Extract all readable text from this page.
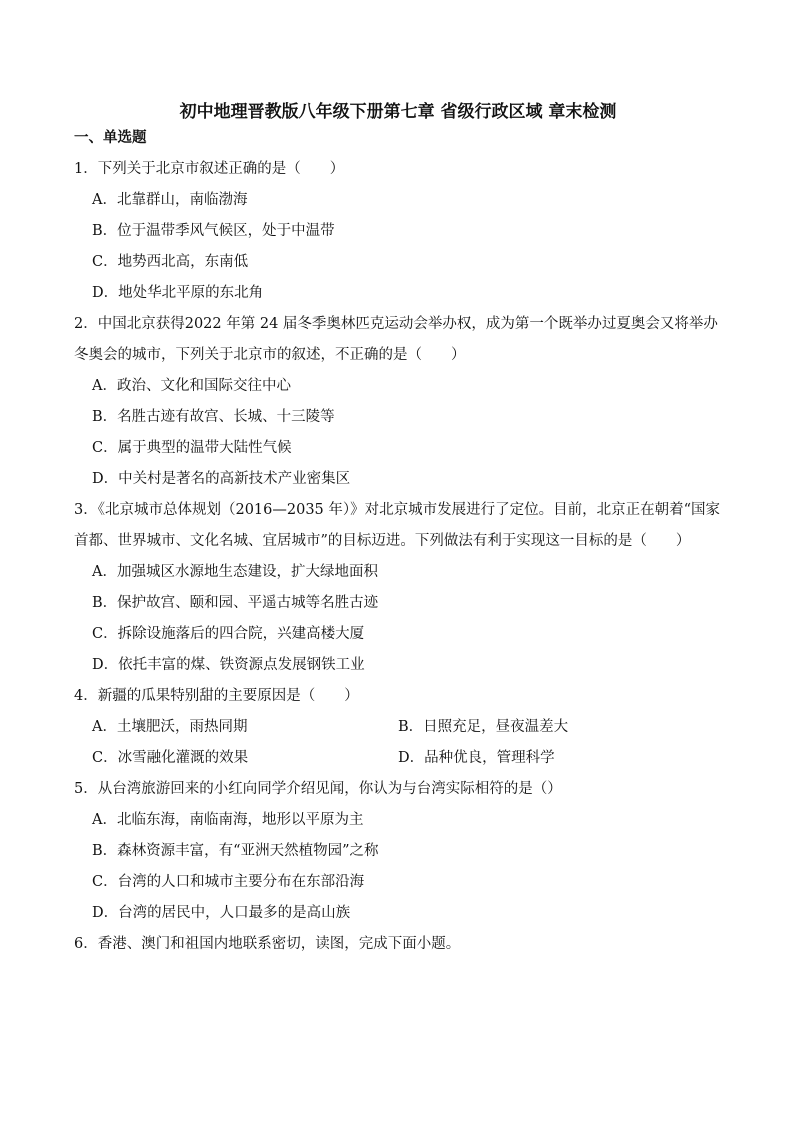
初中地理晋教版八年级下册第七章 省级行政区域 章末检测
一、单选题

1．下列关于北京市叙述正确的是（　　）

A．北靠群山，南临渤海

B．位于温带季风气候区，处于中温带

C．地势西北高，东南低

D．地处华北平原的东北角

2．中国北京获得2022 年第 24 届冬季奥林匹克运动会举办权，成为第一个既举办过夏奥会又将举办

冬奥会的城市，下列关于北京市的叙述，不正确的是（　　）

A．政治、文化和国际交往中心

B．名胜古迹有故宫、长城、十三陵等

C．属于典型的温带大陆性气候

D．中关村是著名的高新技术产业密集区

3．《北京城市总体规划（2016—2035 年）》对北京城市发展进行了定位。目前，北京正在朝着“国家

首都、世界城市、文化名城、宜居城市”的目标迈进。下列做法有利于实现这一目标的是（　　）

A．加强城区水源地生态建设，扩大绿地面积

B．保护故宫、颐和园、平遥古城等名胜古迹

C．拆除设施落后的四合院，兴建高楼大厦

D．依托丰富的煤、铁资源点发展钢铁工业

4．新疆的瓜果特别甜的主要原因是（　　）

A．土壤肥沃，雨热同期	B．日照充足，昼夜温差大

C．冰雪融化灌溉的效果	D．品种优良，管理科学

5．从台湾旅游回来的小红向同学介绍见闻，你认为与台湾实际相符的是（）

A．北临东海，南临南海，地形以平原为主

B．森林资源丰富，有“亚洲天然植物园”之称

C．台湾的人口和城市主要分布在东部沿海

D．台湾的居民中，人口最多的是高山族

6．香港、澳门和祖国内地联系密切，读图，完成下面小题。
